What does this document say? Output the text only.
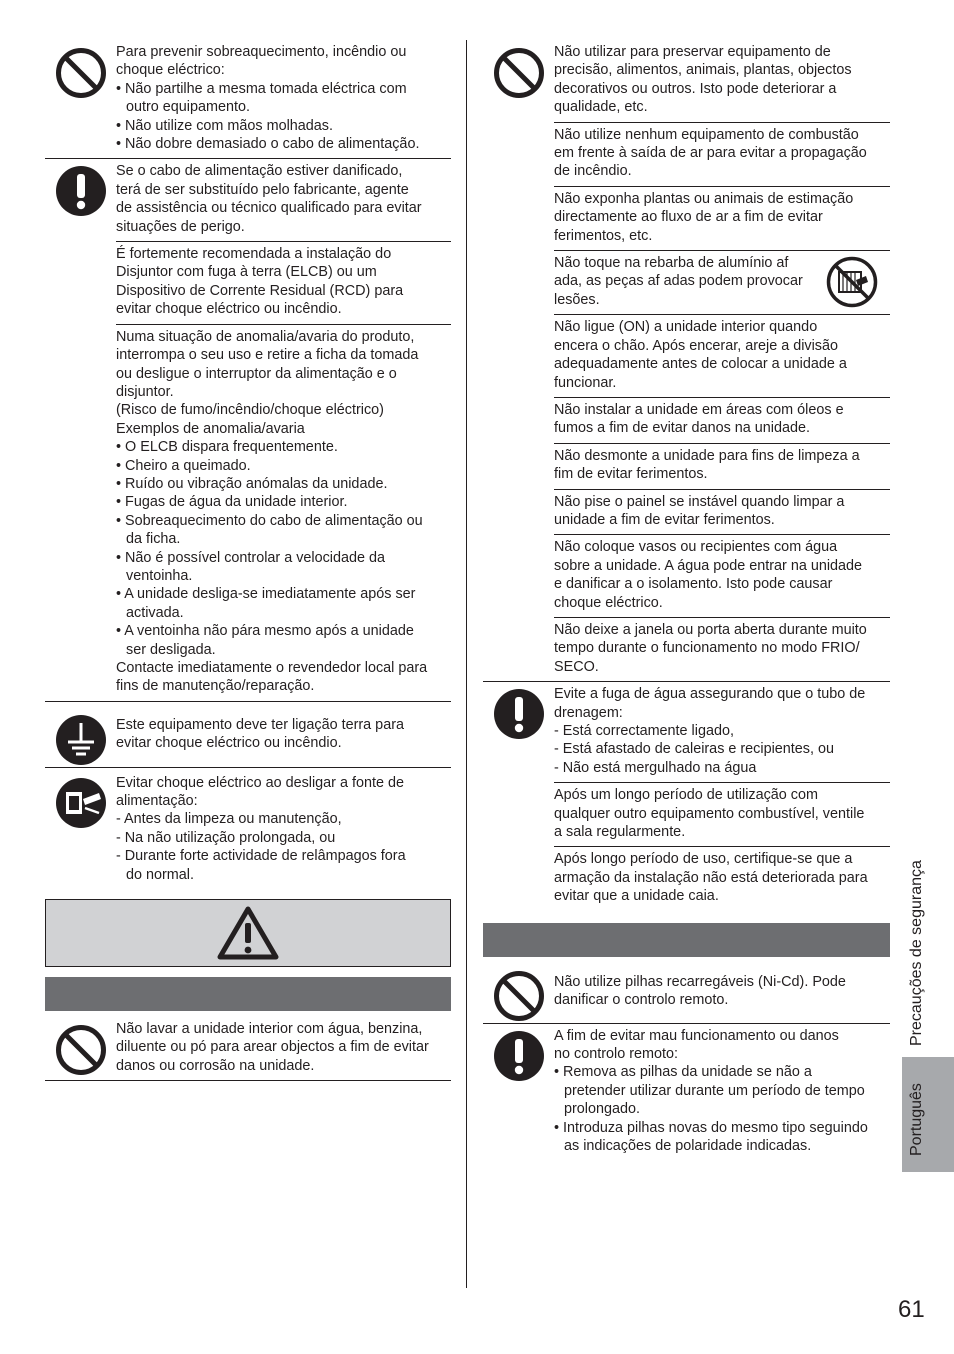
Para prevenir sobreaquecimento, incêndio ou

choque eléctrico:

• Não partilhe a mesma tomada eléctrica com

outro equipamento.

• Não utilize com mãos molhadas.

• Não dobre demasiado o cabo de alimentação.

Se o cabo de alimentação estiver danificado,

terá de ser substituído pelo fabricante, agente

de assistência ou técnico qualificado para evitar

situações de perigo.

É fortemente recomendada a instalação do

Disjuntor com fuga à terra (ELCB) ou um

Dispositivo de Corrente Residual (RCD) para

evitar choque eléctrico ou incêndio.

Numa situação de anomalia/avaria do produto,

interrompa o seu uso e retire a ficha da tomada

ou desligue o interruptor da alimentação e o

disjuntor.

(Risco de fumo/incêndio/choque eléctrico)

Exemplos de anomalia/avaria

• O ELCB dispara frequentemente.

• Cheiro a queimado.

• Ruído ou vibração anómalas da unidade.

• Fugas de água da unidade interior.

• Sobreaquecimento do cabo de alimentação ou

da ficha.

• Não é possível controlar a velocidade da

ventoinha.

• A unidade desliga-se imediatamente após ser

activada.

• A ventoinha não pára mesmo após a unidade

ser desligada.

Contacte imediatamente o revendedor local para

fins de manutenção/reparação.

Este equipamento deve ter ligação terra para

evitar choque eléctrico ou incêndio.

Evitar choque eléctrico ao desligar a fonte de

alimentação:

- Antes da limpeza ou manutenção,

- Na não utilização prolongada, ou

- Durante forte actividade de relâmpagos fora

do normal.

Não lavar a unidade interior com água, benzina,

diluente ou pó para arear objectos a fim de evitar

danos ou corrosão na unidade.

Não utilizar para preservar equipamento de

precisão, alimentos, animais, plantas, objectos

decorativos ou outros. Isto pode deteriorar a

qualidade, etc.

Não utilize nenhum equipamento de combustão

em frente à saída de ar para evitar a propagação

de incêndio.

Não exponha plantas ou animais de estimação

directamente ao fluxo de ar a fim de evitar

ferimentos, etc.

Não toque na rebarba de alumínio af

ada, as peças af adas podem provocar

lesões.

Não ligue (ON) a unidade interior quando

encera o chão. Após encerar, areje a divisão

adequadamente antes de colocar a unidade a

funcionar.

Não instalar a unidade em áreas com óleos e

fumos a fim de evitar danos na unidade.

Não desmonte a unidade para fins de limpeza a

fim de evitar ferimentos.

Não pise o painel se instável quando limpar a

unidade a fim de evitar ferimentos.

Não coloque vasos ou recipientes com água

sobre a unidade. A água pode entrar na unidade

e danificar a o isolamento. Isto pode causar

choque eléctrico.

Não deixe a janela ou porta aberta durante muito

tempo durante o funcionamento no modo FRIO/

SECO.

Evite a fuga de água assegurando que o tubo de

drenagem:

- Está correctamente ligado,

- Está afastado de caleiras e recipientes, ou

- Não está mergulhado na água

Após um longo período de utilização com

qualquer outro equipamento combustível, ventile

a sala regularmente.

Após longo período de uso, certifique-se que a

armação da instalação não está deteriorada para

evitar que a unidade caia.

Não utilize pilhas recarregáveis (Ni-Cd). Pode

danificar o controlo remoto.

A fim de evitar mau funcionamento ou danos

no controlo remoto:

• Remova as pilhas da unidade se não a

pretender utilizar durante um período de tempo

prolongado.

• Introduza pilhas novas do mesmo tipo seguindo

as indicações de polaridade indicadas.

Precauções de segurança
Português
61
